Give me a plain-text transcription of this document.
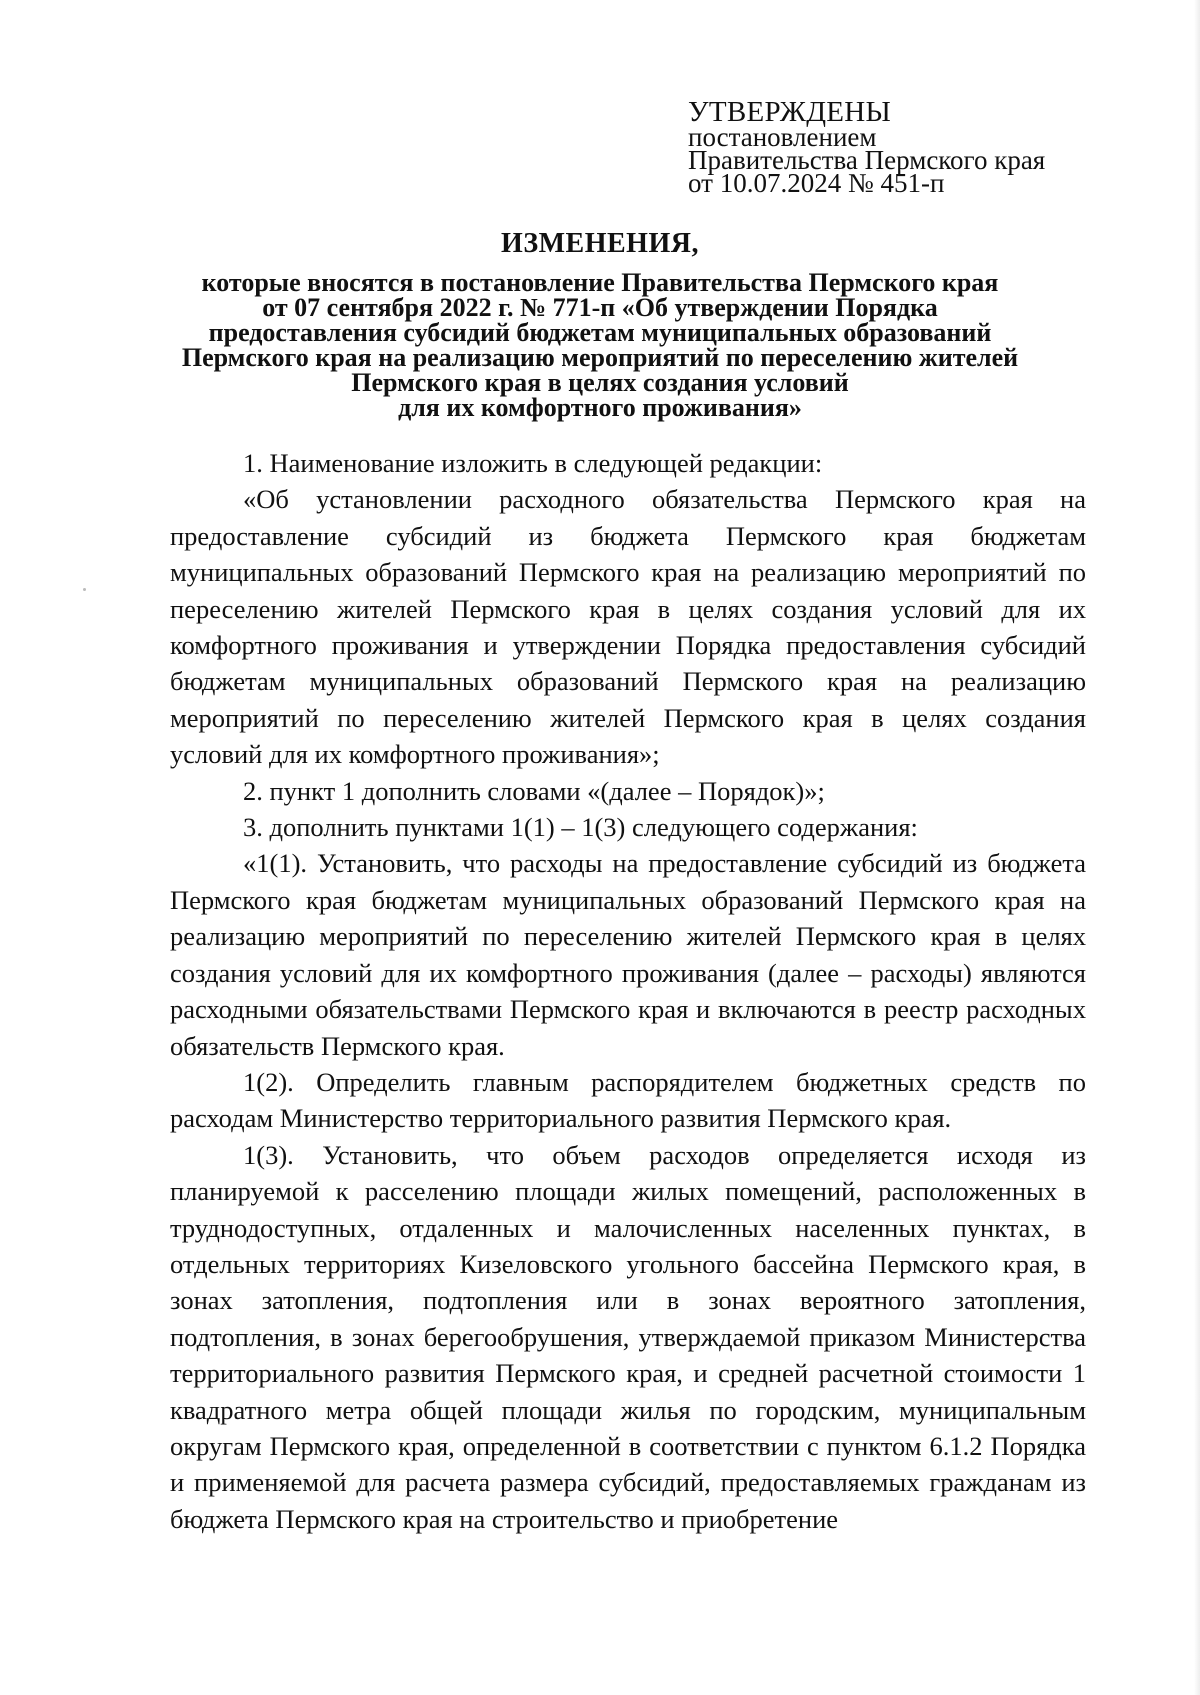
УТВЕРЖДЕНЫ
постановлением
Правительства Пермского края
от 10.07.2024 № 451-п
ИЗМЕНЕНИЯ,
которые вносятся в постановление Правительства Пермского края
от 07 сентября 2022 г. № 771-п «Об утверждении Порядка
предоставления субсидий бюджетам муниципальных образований
Пермского края на реализацию мероприятий по переселению жителей
Пермского края в целях создания условий
для их комфортного проживания»

1. Наименование изложить в следующей редакции:

«Об установлении расходного обязательства Пермского края на предоставление субсидий из бюджета Пермского края бюджетам муниципальных образований Пермского края на реализацию мероприятий по переселению жителей Пермского края в целях создания условий для их комфортного проживания и утверждении Порядка предоставления субсидий бюджетам муниципальных образований Пермского края на реализацию мероприятий по переселению жителей Пермского края в целях создания условий для их комфортного проживания»;

2. пункт 1 дополнить словами «(далее – Порядок)»;

3. дополнить пунктами 1(1) – 1(3) следующего содержания:

«1(1). Установить, что расходы на предоставление субсидий из бюджета Пермского края бюджетам муниципальных образований Пермского края на реализацию мероприятий по переселению жителей Пермского края в целях создания условий для их комфортного проживания (далее – расходы) являются расходными обязательствами Пермского края и включаются в реестр расходных обязательств Пермского края.

1(2). Определить главным распорядителем бюджетных средств по расходам Министерство территориального развития Пермского края.

1(3). Установить, что объем расходов определяется исходя из планируемой к расселению площади жилых помещений, расположенных в труднодоступных, отдаленных и малочисленных населенных пунктах, в отдельных территориях Кизеловского угольного бассейна Пермского края, в зонах затопления, подтопления или в зонах вероятного затопления, подтопления, в зонах берегообрушения, утверждаемой приказом Министерства территориального развития Пермского края, и средней расчетной стоимости 1 квадратного метра общей площади жилья по городским, муниципальным округам Пермского края, определенной в соответствии с пунктом 6.1.2 Порядка и применяемой для расчета размера субсидий, предоставляемых гражданам из бюджета Пермского края на строительство и приобретение
